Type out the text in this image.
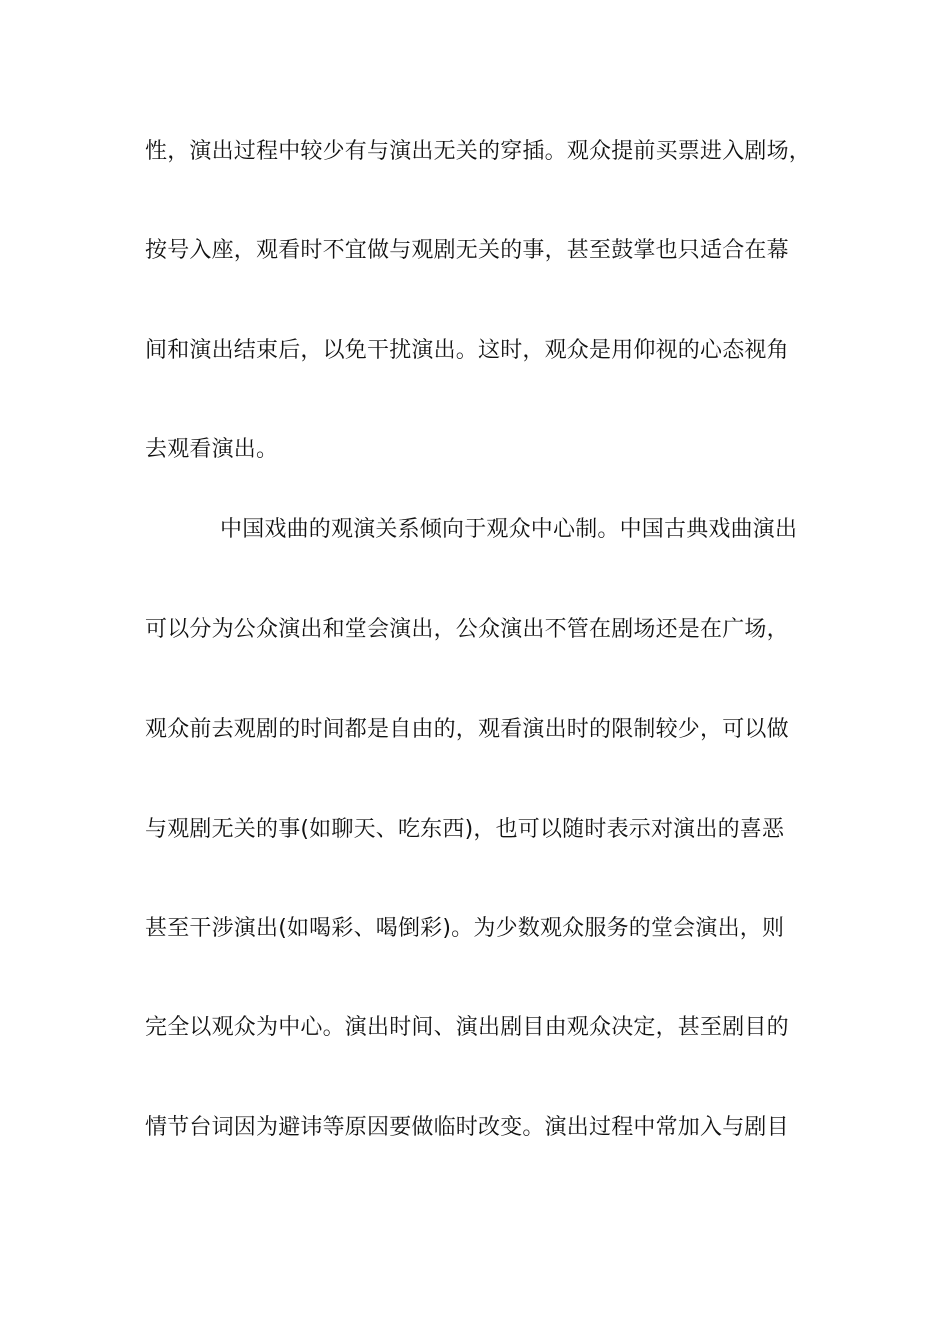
性，演出过程中较少有与演出无关的穿插。观众提前买票进入剧场，
按号入座，观看时不宜做与观剧无关的事，甚至鼓掌也只适合在幕
间和演出结束后，以免干扰演出。这时，观众是用仰视的心态视角
去观看演出。
中国戏曲的观演关系倾向于观众中心制。中国古典戏曲演出
可以分为公众演出和堂会演出，公众演出不管在剧场还是在广场，
观众前去观剧的时间都是自由的，观看演出时的限制较少，可以做
与观剧无关的事(如聊天、吃东西)，也可以随时表示对演出的喜恶
甚至干涉演出(如喝彩、喝倒彩)。为少数观众服务的堂会演出，则
完全以观众为中心。演出时间、演出剧目由观众决定，甚至剧目的
情节台词因为避讳等原因要做临时改变。演出过程中常加入与剧目
